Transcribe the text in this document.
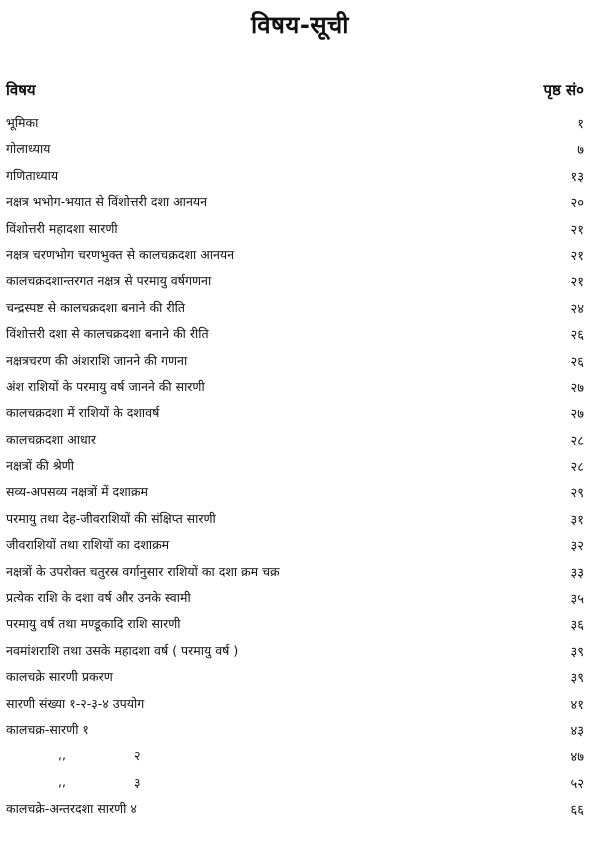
विषय-सूची
विषय	पृष्ठ सं०
भूमिका	१
गोलाध्याय	७
गणिताध्याय	१३
नक्षत्र भभोग-भयात से विंशोत्तरी दशा आनयन	२०
विंशोत्तरी महादशा सारणी	२१
नक्षत्र चरणभोग चरणभुक्त से कालचक्रदशा आनयन	२१
कालचक्रदशान्तरगत नक्षत्र से परमायु वर्षगणना	२१
चन्द्रस्पष्ट से कालचक्रदशा बनाने की रीति	२४
विंशोत्तरी दशा से कालचक्रदशा बनाने की रीति	२६
नक्षत्रचरण की अंशराशि जानने की गणना	२६
अंश राशियों के परमायु वर्ष जानने की सारणी	२७
कालचक्रदशा में राशियों के दशावर्ष	२७
कालचक्रदशा आधार	२८
नक्षत्रों की श्रेणी	२८
सव्य-अपसव्य नक्षत्रों में दशाक्रम	२९
परमायु तथा देह-जीवराशियों की संक्षिप्त सारणी	३१
जीवराशियों तथा राशियों का दशाक्रम	३२
नक्षत्रों के उपरोक्त चतुरस्र वर्गानुसार राशियों का दशा क्रम चक्र	३३
प्रत्येक राशि के दशा वर्ष और उनके स्वामी	३५
परमायु वर्ष तथा मण्डूकादि राशि सारणी	३६
नवमांशराशि तथा उसके महादशा वर्ष ( परमायु वर्ष )	३९
कालचक्रे सारणी प्रकरण	३९
सारणी संख्या १-२-३-४ उपयोग	४१
कालचक्र-सारणी १	४३
,,	२	४७
,,	३	५२
कालचक्रे-अन्तरदशा सारणी ४	६६
